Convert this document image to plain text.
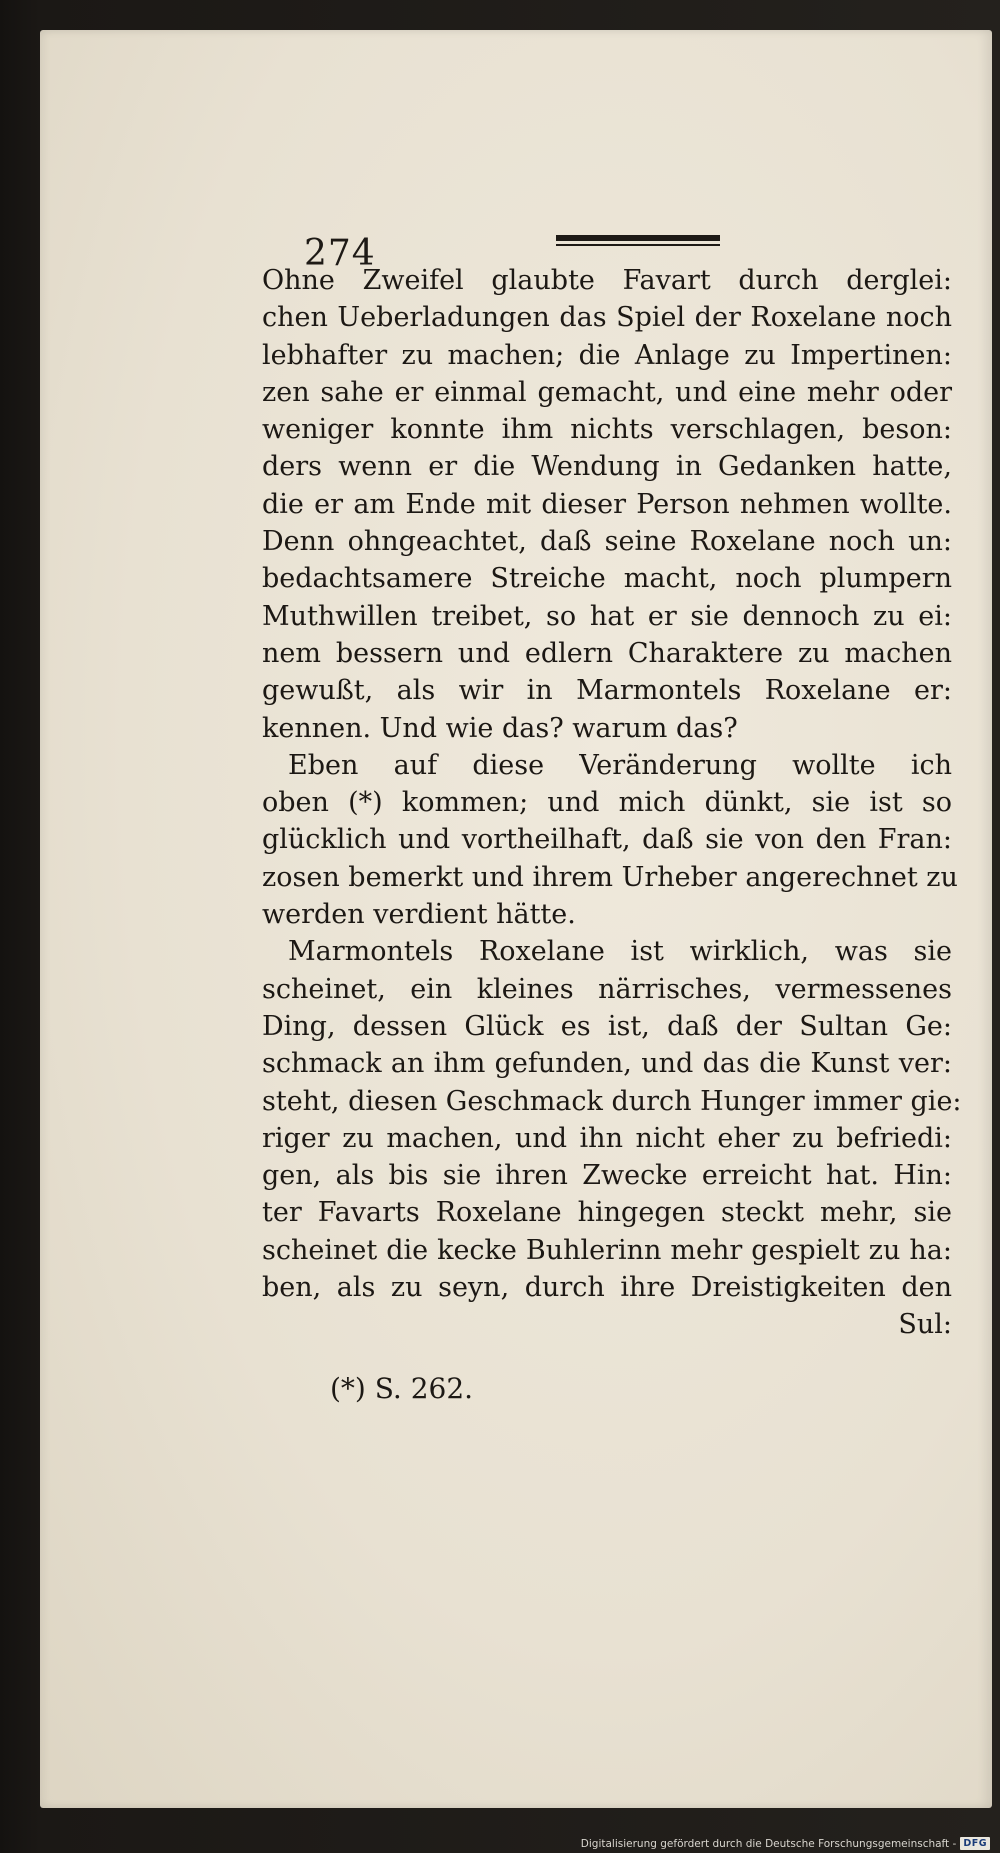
274
Ohne Zweifel glaubte Favart durch derglei:
chen Ueberladungen das Spiel der Roxelane noch
lebhafter zu machen; die Anlage zu Impertinen:
zen sahe er einmal gemacht, und eine mehr oder
weniger konnte ihm nichts verschlagen, beson:
ders wenn er die Wendung in Gedanken hatte,
die er am Ende mit dieser Person nehmen wollte.
Denn ohngeachtet, daß seine Roxelane noch un:
bedachtsamere Streiche macht, noch plumpern
Muthwillen treibet, so hat er sie dennoch zu ei:
nem bessern und edlern Charaktere zu machen
gewußt, als wir in Marmontels Roxelane er:
kennen. Und wie das? warum das?
Eben auf diese Veränderung wollte ich
oben (*) kommen; und mich dünkt, sie ist so
glücklich und vortheilhaft, daß sie von den Fran:
zosen bemerkt und ihrem Urheber angerechnet zu
werden verdient hätte.
Marmontels Roxelane ist wirklich, was sie
scheinet, ein kleines närrisches, vermessenes
Ding, dessen Glück es ist, daß der Sultan Ge:
schmack an ihm gefunden, und das die Kunst ver:
steht, diesen Geschmack durch Hunger immer gie:
riger zu machen, und ihn nicht eher zu befriedi:
gen, als bis sie ihren Zwecke erreicht hat. Hin:
ter Favarts Roxelane hingegen steckt mehr, sie
scheinet die kecke Buhlerinn mehr gespielt zu ha:
ben, als zu seyn, durch ihre Dreistigkeiten den
Sul:
(*) S. 262.
Digitalisierung gefördert durch die Deutsche Forschungsgemeinschaft - DFG
